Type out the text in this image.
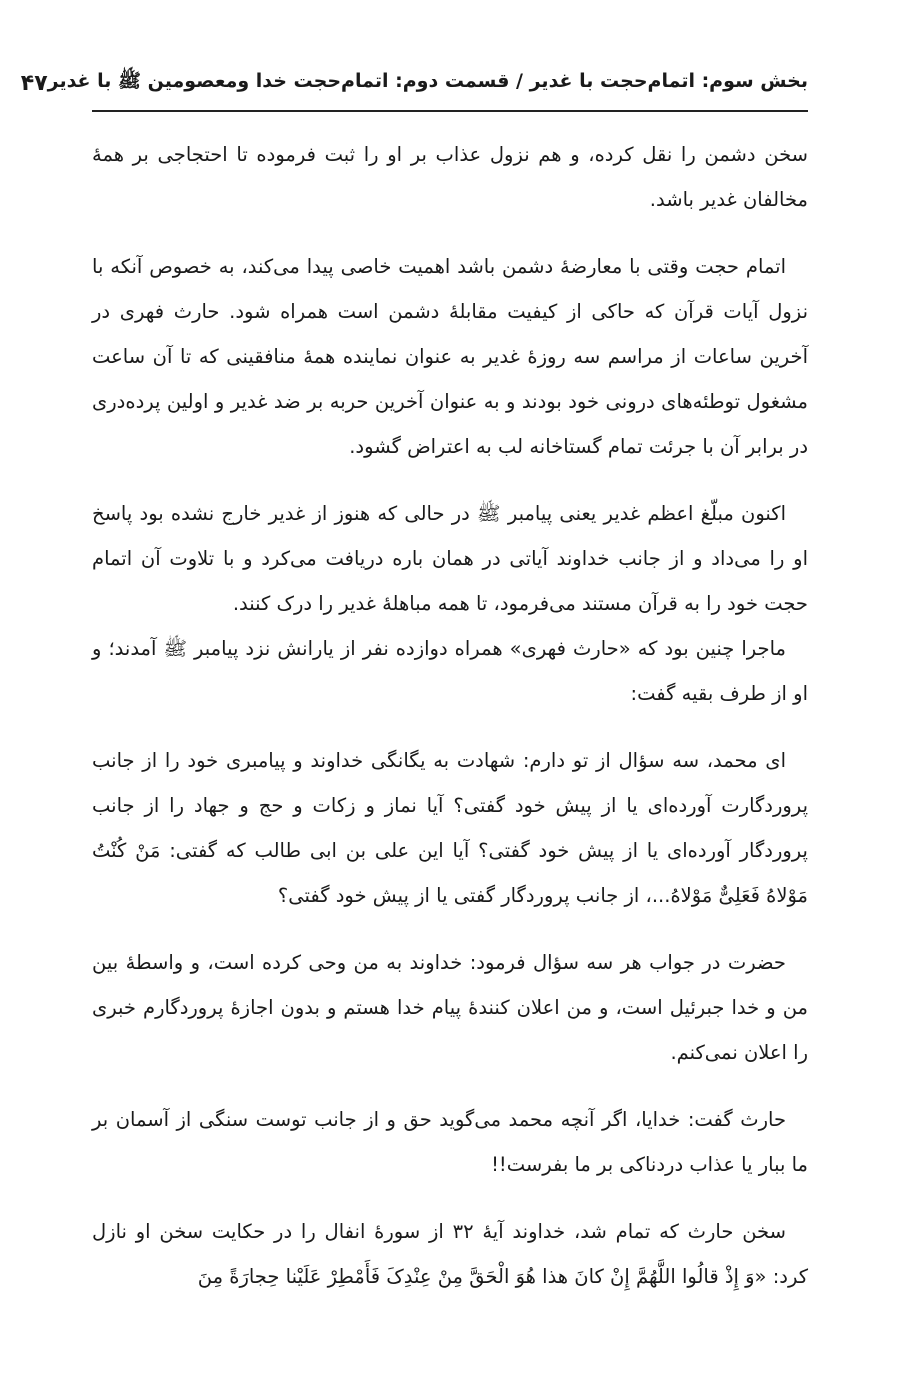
بخش سوم: اتمام‌حجت با غدیر / قسمت دوم: اتمام‌حجت خدا ومعصومین ﷺ با غدیر
۴۷

سخن دشمن را نقل کرده، و هم نزول عذاب بر او را ثبت فرموده تا احتجاجی بر همهٔ مخالفان غدیر باشد.

اتمام حجت وقتی با معارضهٔ دشمن باشد اهمیت خاصی پیدا می‌کند، به خصوص آنکه با نزول آیات قرآن که حاکی از کیفیت مقابلهٔ دشمن است همراه شود. حارث فهری در آخرین ساعات از مراسم سه روزهٔ غدیر به عنوان نماینده همهٔ منافقینی که تا آن ساعت مشغول توطئه‌های درونی خود بودند و به عنوان آخرین حربه بر ضد غدیر و اولین پرده‌دری در برابر آن با جرئت تمام گستاخانه لب به اعتراض گشود.

اکنون مبلّغ اعظم غدیر یعنی پیامبر ﷺ در حالی که هنوز از غدیر خارج نشده بود پاسخ او را می‌داد و از جانب خداوند آیاتی در همان باره دریافت می‌کرد و با تلاوت آن اتمام حجت خود را به قرآن مستند می‌فرمود، تا همه مباهلهٔ غدیر را درک کنند.

ماجرا چنین بود که «حارث فهری» همراه دوازده نفر از یارانش نزد پیامبر ﷺ آمدند؛ و او از طرف بقیه گفت:

ای محمد، سه سؤال از تو دارم: شهادت به یگانگی خداوند و پیامبری خود را از جانب پروردگارت آورده‌ای یا از پیش خود گفتی؟ آیا نماز و زکات و حج و جهاد را از جانب پروردگار آورده‌ای یا از پیش خود گفتی؟ آیا این علی بن ابی طالب که گفتی: مَنْ کُنْتُ مَوْلاهُ فَعَلِیٌّ مَوْلاهُ...، از جانب پروردگار گفتی یا از پیش خود گفتی؟

حضرت در جواب هر سه سؤال فرمود: خداوند به من وحی کرده است، و واسطهٔ بین من و خدا جبرئیل است، و من اعلان کنندهٔ پیام خدا هستم و بدون اجازهٔ پروردگارم خبری را اعلان نمی‌کنم.

حارث گفت: خدایا، اگر آنچه محمد می‌گوید حق و از جانب توست سنگی از آسمان بر ما ببار یا عذاب دردناکی بر ما بفرست!!

سخن حارث که تمام شد، خداوند آیهٔ ۳۲ از سورهٔ انفال را در حکایت سخن او نازل کرد: «وَ إِذْ قالُوا اللَّهُمَّ إِنْ کانَ هذا هُوَ الْحَقَّ مِنْ عِنْدِکَ فَأَمْطِرْ عَلَیْنا حِجارَةً مِنَ
